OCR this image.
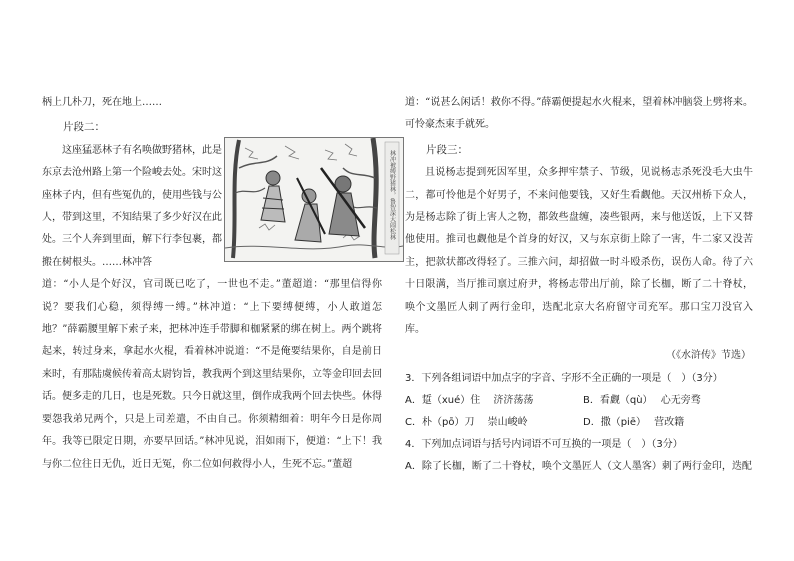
柄上几朴刀，死在地上……

片段二：

这座猛恶林子有名唤做野猪林，此是东京去沧州路上第一个险峻去处。宋时这座林子内，但有些冤仇的，使用些钱与公人，带到这里，不知结果了多少好汉在此处。三个人奔到里面，解下行李包裹，都搬在树根头。……林冲答

道：“小人是个好汉，官司既已吃了，一世也不走。”董超道：“那里信得你说？要我们心稳，须得缚一缚。”林冲道：“上下要缚便缚，小人敢道怎地？”薛霸腰里解下索子来，把林冲连手带脚和枷紧紧的绑在树上。两个跳将起来，转过身来，拿起水火棍，看着林冲说道：“不是俺要结果你，自是前日来时，有那陆虞候传着高太尉钧旨，教我两个到这里结果你，立等金印回去回话。便多走的几日，也是死数。只今日就这里，倒作成我两个回去快些。休得要怨我弟兄两个，只是上司差遣，不由自己。你须精细着：明年今日是你周年。我等已限定日期，亦要早回话。”林冲见说，泪如雨下，便道：“上下！我与你二位往日无仇，近日无冤，你二位如何救得小人，生死不忘。”董超

林冲被缚野猪林，鲁智深大闹松林

道：“说甚么闲话！救你不得。”薛霸便提起水火棍来，望着林冲脑袋上劈将来。可怜豪杰束手就死。

片段三：

且说杨志提到死因军里，众多押牢禁子、节级，见说杨志杀死没毛大虫牛二，都可怜他是个好男子，不来问他要钱，又好生看觑他。天汉州桥下众人，为是杨志除了街上害人之物，都敛些盘缠，凑些银两，来与他送饭，上下又替他使用。推司也觑他是个首身的好汉，又与东京街上除了一害，牛二家又没苦主，把款状都改得轻了。三推六问，却招做一时斗殴杀伤，误伤人命。待了六十日限满，当厅推司禀过府尹，将杨志带出厅前，除了长枷，断了二十脊杖，唤个文墨匠人刺了两行金印，迭配北京大名府留守司充军。那口宝刀没官入库。

（《水浒传》节选）

3．下列各组词语中加点字的字音、字形不全正确的一项是（　）（3分）

A．踅（xué）住　 济济荡荡	B．看觑（qù）　 心无旁骛
C．朴（pō）刀　 崇山峻岭	D．撒（piē）　 营改籍

4．下列加点词语与括号内词语不可互换的一项是（　）（3分）

A．除了长枷，断了二十脊杖，唤个文墨匠人（文人墨客）刺了两行金印，迭配
